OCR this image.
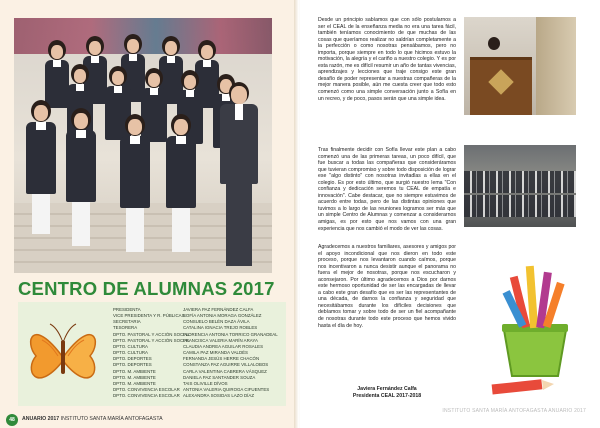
CENTRO DE ALUMNAS 2017
PRESIDENTA
VICE PRESIDENTA Y R. PÚBLICAS
SECRETARIA
TESORERA
DPTO. PASTORAL Y ACCIÓN SOCIAL
DPTO. PASTORAL Y ACCIÓN SOCIAL
DPTO. CULTURA
DPTO. CULTURA
DPTO. DEPORTES
DPTO. DEPORTES
DPTO. M. AMBIENTE
DPTO. M. AMBIENTE
DPTO. M. AMBIENTE
DPTO. CONVIVENCIA ESCOLAR
DPTO. CONVIVENCIA ESCOLAR
JAVIERA PAZ FERNÁNDEZ CALFA
SOFÍA ANTONIA MORAGA GONZÁLEZ
CONSUELO BELÉN DAZA ÁVILA
CATALINA IGNACIA TREJO ROBLES
FLORENCIA ANTONIA TORRICO GRANADEAL
FRANCISCA VALERIA MARÍN ARAYA
CLAUDIA ANDREA AGUILAR ROSALES
CAMILA PAZ MIRANDA VALDÉS
FERNANDA JESÚS HERRE CHACÓN
CONSTANZA PAZ AGUIRRE VILLALOBOS
CARLA VALENTINA CABRERA VÁSQUEZ
DANIELA PAZ SANTANDER SOUZA
TAIS OLIVILLE DÍVOS
ANTONIA VALERIA QUIROGA CIFUENTES
ALEXANDRA SOSIDAS LAZO DÍAZ
48	ANUARIO 2017 INSTITUTO SANTA MARÍA ANTOFAGASTA
Desde un principio sabíamos que con sólo postularnos a ser el CEAL de la enseñanza media no era una tarea fácil, también teníamos conocimiento de que muchas de las cosas que queríamos realizar no saldrían completamente a la perfección o como nosotras pensábamos, pero no importa, porque siempre en todo lo que hicimos estuvo la motivación, la alegría y el cariño a nuestro colegio. Y es por esta razón, me es difícil resumir un año de tantas vivencias, aprendizajes y lecciones que traje consigo este gran desafío de poder representar a nuestras compañeras de la mejor manera posible, aún me cuesta creer que todo esto comenzó como una simple conversación junto a Sofía en un recreo, y de poco, pasos serán que una simple idea.
Tras finalmente decidir con Sofía llevar este plan a cabo comenzó una de las primeras tareas, un poco difícil, que fue buscar a todas las compañeras que consideráramos que tuvieran compromiso y sobre todo disposición de lograr ese "algo distinto" con nosotras invitadlas a ellas en el colegio. Es por esto último, que surgió nuestro lema "Con confianza y dedicación seremos tu CEAL de empatía e innovación". Cabe destacar, que no siempre estuvimos de acuerdo entre todas, pero de las distintas opiniones que tuvimos a lo largo de las reuniones logramos ser más que un simple Centro de Alumnas y comenzar a considerarnos amigas, es por esto que nos vamos con una gran experiencia que nos cambió el modo de ver las cosas.
Agradecemos a nuestros familiares, asesores y amigos por el apoyo incondicional que nos dieron en todo este proceso, porque nos levantaron cuando caímos, porque nos incentivaron a nunca desistir aunque el panorama no fuera el mejor de nosotras, porque nos escucharon y aconsejaron. Por último agradecemos a Dios por darnos este hermoso oportunidad de ser las encargadas de llevar a cabo este gran desafío que es ser las representantes de una década, de darnos la confianza y seguridad que necesitábamos durante los difíciles decisiones que debíamos tomar y sobre todo de ser un fiel acompañante de nosotras durante todo este proceso que hemos vivido hasta el día de hoy.
Javiera Fernández Calfa
Presidenta CEAL 2017-2018
INSTITUTO SANTA MARÍA ANTOFAGASTA ANUARIO 2017
